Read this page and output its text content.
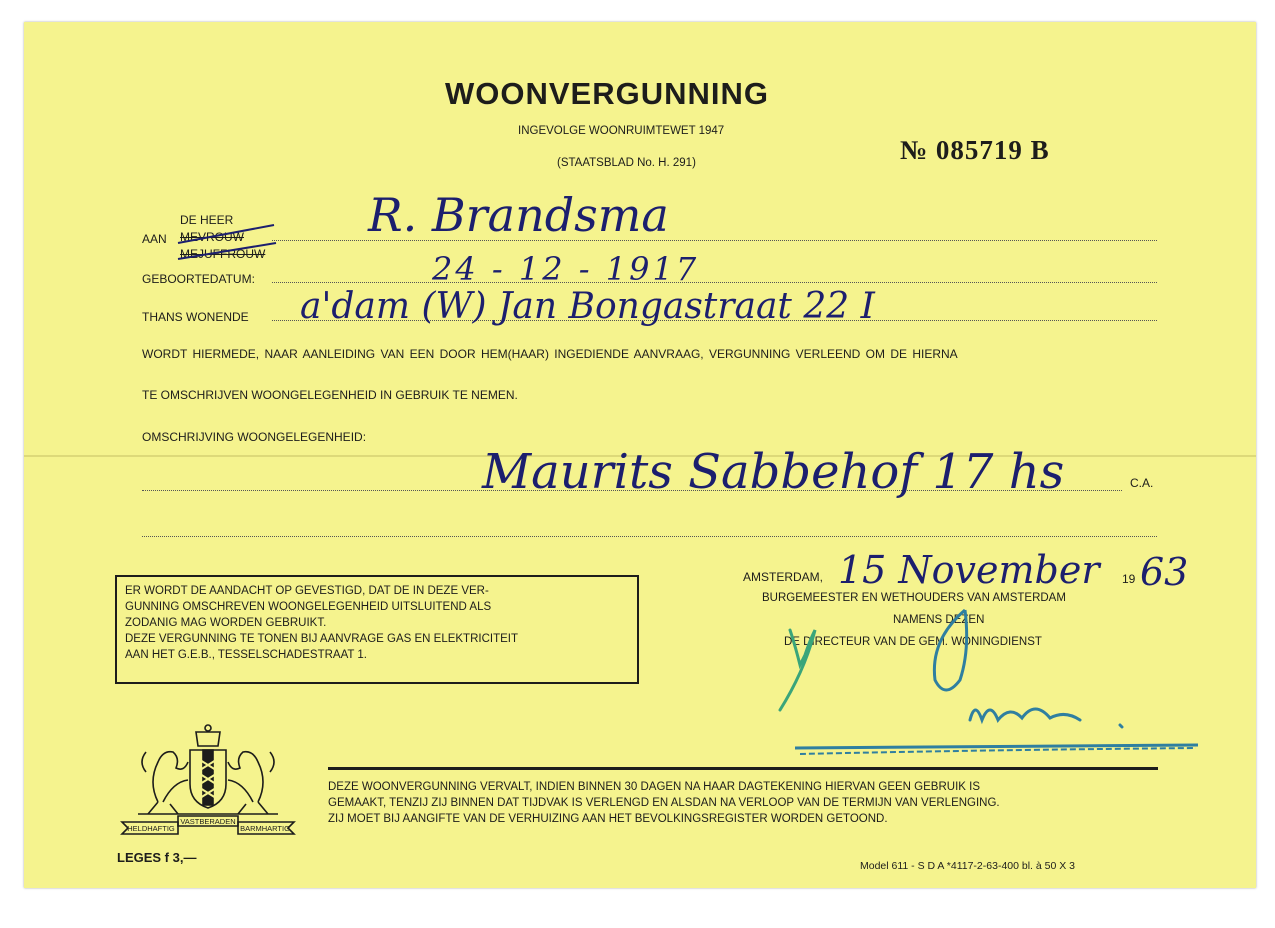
WOONVERGUNNING
INGEVOLGE WOONRUIMTEWET 1947
(STAATSBLAD No. H. 291)	№ 085719 B
DE HEER
AAN MEVROUW
MEJUFFROUW
R. Brandsma
GEBOORTEDATUM:	24 - 12 - 1917
THANS WONENDE a'dam (W) Jan Bongastraat 22 I
WORDT HIERMEDE, NAAR AANLEIDING VAN EEN DOOR HEM(HAAR) INGEDIENDE AANVRAAG, VERGUNNING VERLEEND OM DE HIERNA
TE OMSCHRIJVEN WOONGELEGENHEID IN GEBRUIK TE NEMEN.
OMSCHRIJVING WOONGELEGENHEID:
C.A.
Maurits Sabbehof 17 hs

ER WORDT DE AANDACHT OP GEVESTIGD, DAT DE IN DEZE VER-

GUNNING OMSCHREVEN WOONGELEGENHEID UITSLUITEND ALS

ZODANIG MAG WORDEN GEBRUIKT.

DEZE VERGUNNING TE TONEN BIJ AANVRAGE GAS EN ELEKTRICITEIT

AAN HET G.E.B., TESSELSCHADESTRAAT 1.

AMSTERDAM, 15 November 19 63
BURGEMEESTER EN WETHOUDERS VAN AMSTERDAM
NAMENS DEZEN
DE DIRECTEUR VAN DE GEM. WONINGDIENST
VASTBERADEN
HELDHAFTIG	BARMHARTIG

DEZE WOONVERGUNNING VERVALT, INDIEN BINNEN 30 DAGEN NA HAAR DAGTEKENING HIERVAN GEEN GEBRUIK IS

GEMAAKT, TENZIJ ZIJ BINNEN DAT TIJDVAK IS VERLENGD EN ALSDAN NA VERLOOP VAN DE TERMIJN VAN VERLENGING.

ZIJ MOET BIJ AANGIFTE VAN DE VERHUIZING AAN HET BEVOLKINGSREGISTER WORDEN GETOOND.

LEGES f 3,—
Model 611 - S D A *4117-2-63-400 bl. à 50 X 3
